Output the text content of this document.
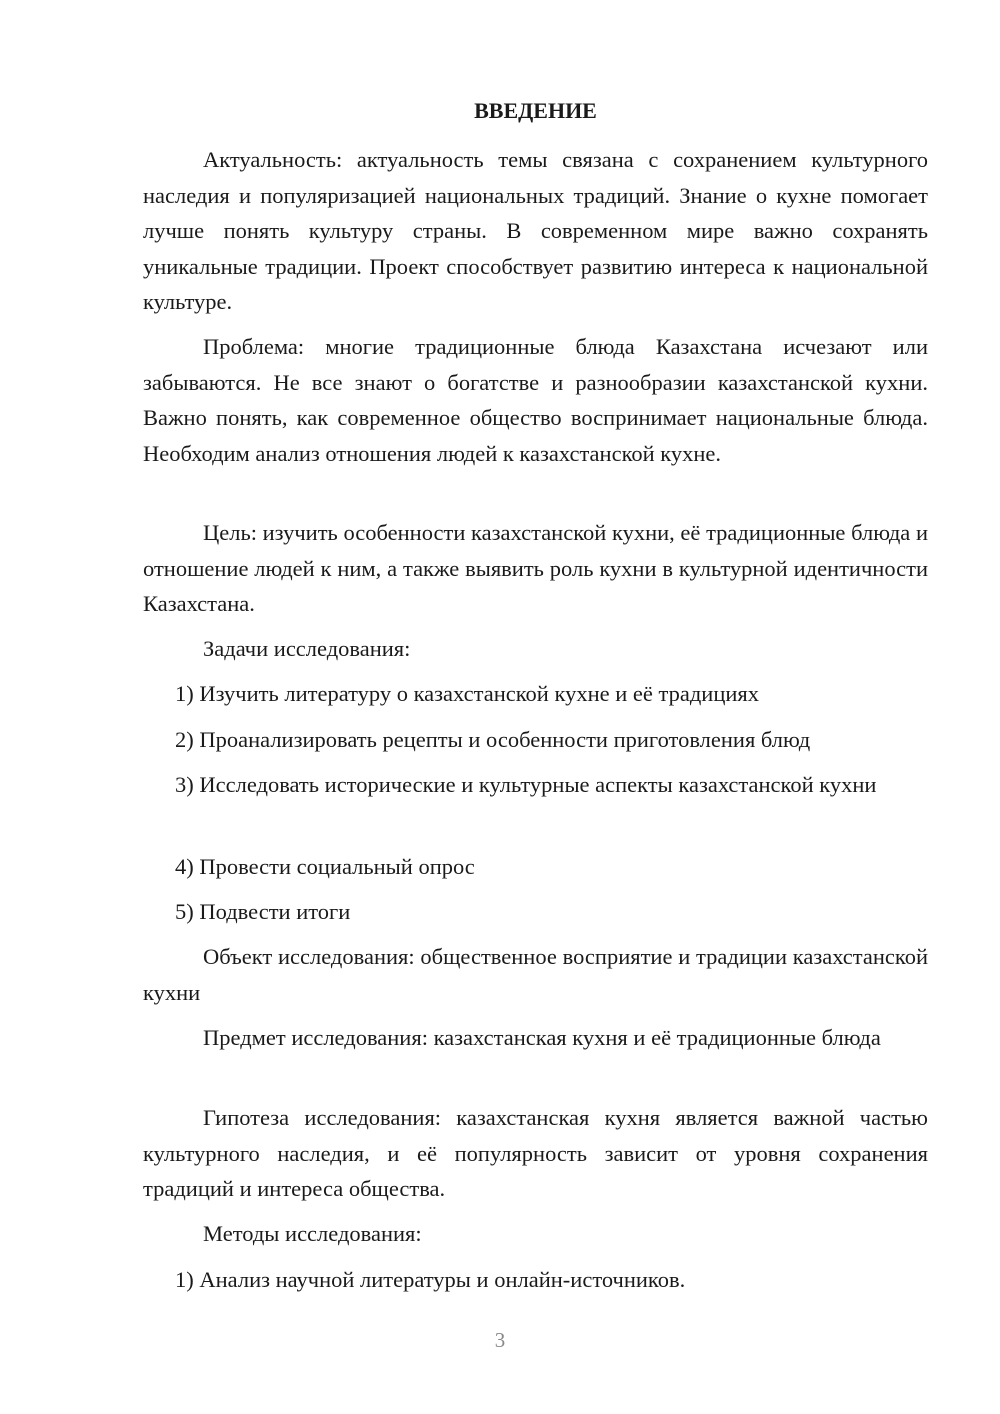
ВВЕДЕНИЕ

Актуальность: актуальность темы связана с сохранением культурного наследия и популяризацией национальных традиций. Знание о кухне помогает лучше понять культуру страны. В современном мире важно сохранять уникальные традиции. Проект способствует развитию интереса к национальной культуре.

Проблема: многие традиционные блюда Казахстана исчезают или забываются. Не все знают о богатстве и разнообразии казахстанской кухни. Важно понять, как современное общество воспринимает национальные блюда. Необходим анализ отношения людей к казахстанской кухне.

Цель: изучить особенности казахстанской кухни, её традиционные блюда и отношение людей к ним, а также выявить роль кухни в культурной идентичности Казахстана.

Задачи исследования:

1) Изучить литературу о казахстанской кухне и её традициях

2) Проанализировать рецепты и особенности приготовления блюд

3) Исследовать исторические и культурные аспекты казахстанской кухни

4) Провести социальный опрос

5) Подвести итоги

Объект исследования: общественное восприятие и традиции казахстанской кухни

Предмет исследования: казахстанская кухня и её традиционные блюда

Гипотеза исследования: казахстанская кухня является важной частью культурного наследия, и её популярность зависит от уровня сохранения традиций и интереса общества.

Методы исследования:

1) Анализ научной литературы и онлайн-источников.

3
